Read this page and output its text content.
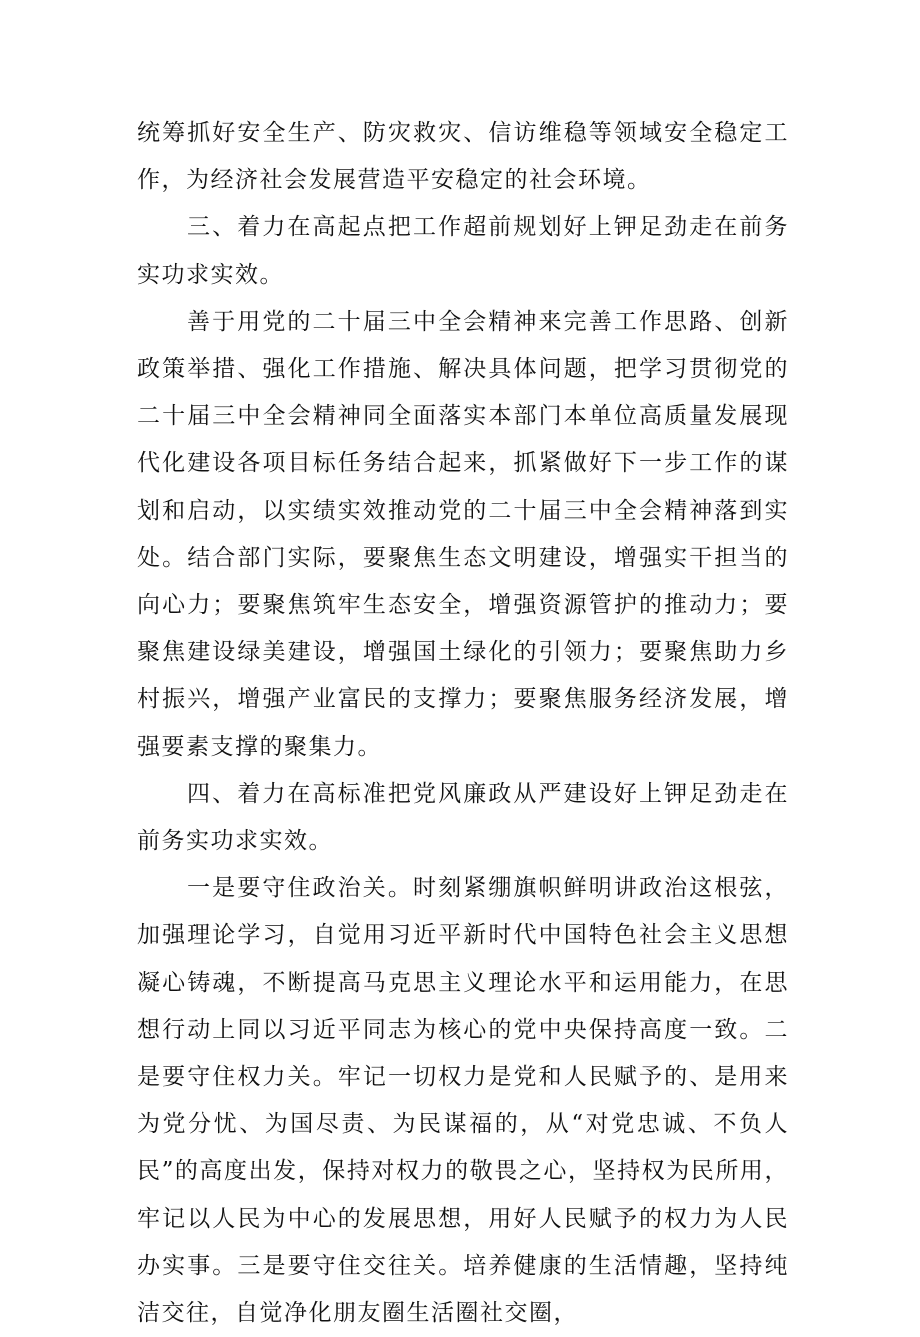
统筹抓好安全生产、防灾救灾、信访维稳等领域安全稳定工作，为经济社会发展营造平安稳定的社会环境。

三、着力在高起点把工作超前规划好上钾足劲走在前务实功求实效。

善于用党的二十届三中全会精神来完善工作思路、创新政策举措、强化工作措施、解决具体问题，把学习贯彻党的二十届三中全会精神同全面落实本部门本单位高质量发展现代化建设各项目标任务结合起来，抓紧做好下一步工作的谋划和启动，以实绩实效推动党的二十届三中全会精神落到实处。结合部门实际，要聚焦生态文明建设，增强实干担当的向心力；要聚焦筑牢生态安全，增强资源管护的推动力；要聚焦建设绿美建设，增强国土绿化的引领力；要聚焦助力乡村振兴，增强产业富民的支撑力；要聚焦服务经济发展，增强要素支撑的聚集力。

四、着力在高标准把党风廉政从严建设好上钾足劲走在前务实功求实效。

一是要守住政治关。时刻紧绷旗帜鲜明讲政治这根弦，加强理论学习，自觉用习近平新时代中国特色社会主义思想凝心铸魂，不断提高马克思主义理论水平和运用能力，在思想行动上同以习近平同志为核心的党中央保持高度一致。二是要守住权力关。牢记一切权力是党和人民赋予的、是用来为党分忧、为国尽责、为民谋福的，从“对党忠诚、不负人民”的高度出发，保持对权力的敬畏之心，坚持权为民所用，牢记以人民为中心的发展思想，用好人民赋予的权力为人民办实事。三是要守住交往关。培养健康的生活情趣，坚持纯洁交往，自觉净化朋友圈生活圈社交圈，
